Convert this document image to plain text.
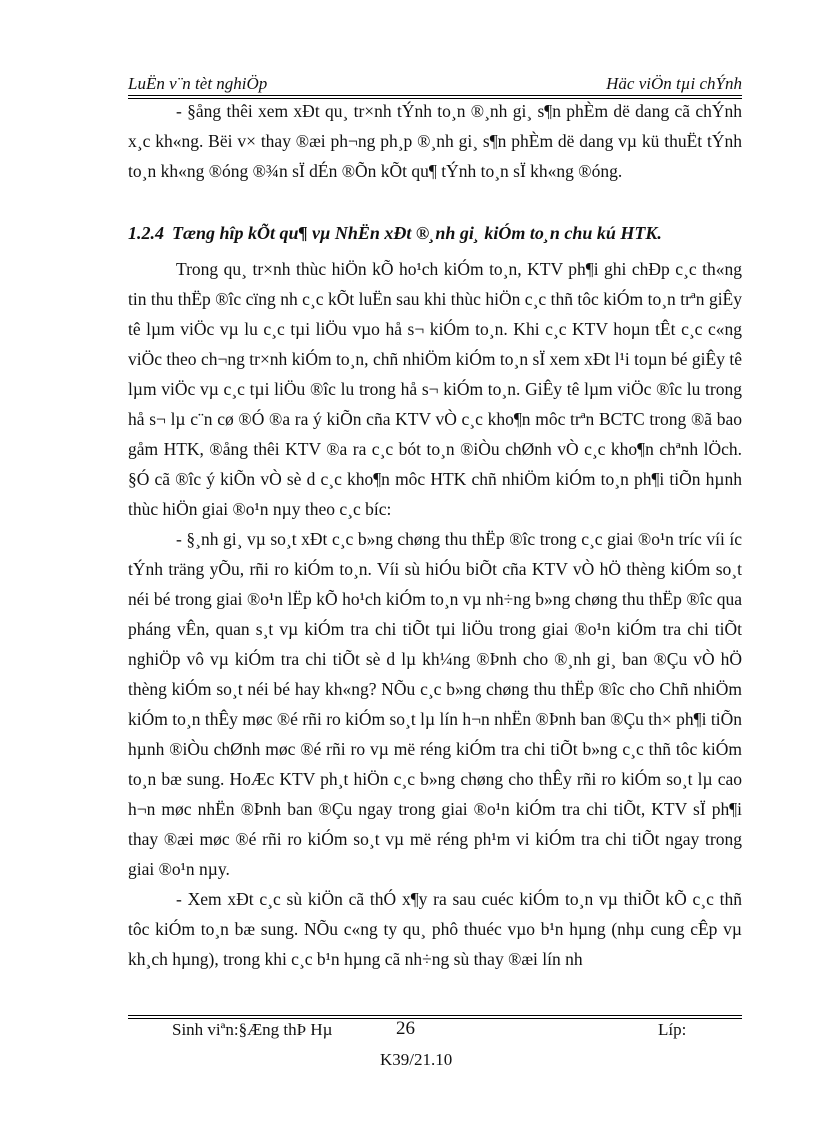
LuËn v¨n tèt nghiÖp	Häc viÖn tµi chÝnh

- §ång thêi xem xÐt qu¸ tr×nh tÝnh to¸n ®¸nh gi¸ s¶n phÈm dë dang cã chÝnh x¸c kh«ng. Bëi v× thay ®æi ph¬ng ph¸p ®¸nh gi¸ s¶n phÈm dë dang vµ kü thuËt tÝnh to¸n kh«ng ®óng ®¾n sÏ dÉn ®Õn kÕt qu¶ tÝnh to¸n sÏ kh«ng ®óng.

1.2.4 Tæng hîp kÕt qu¶ vµ NhËn xÐt ®¸nh gi¸ kiÓm to¸n chu kú HTK.

Trong qu¸ tr×nh thùc hiÖn kÕ ho¹ch kiÓm to¸n, KTV ph¶i ghi chÐp c¸c th«ng tin thu thËp ®îc cïng nh c¸c kÕt luËn sau khi thùc hiÖn c¸c thñ tôc kiÓm to¸n trªn giÊy tê lµm viÖc vµ lu c¸c tµi liÖu vµo hå s¬ kiÓm to¸n. Khi c¸c KTV hoµn tÊt c¸c c«ng viÖc theo ch¬ng tr×nh kiÓm to¸n, chñ nhiÖm kiÓm to¸n sÏ xem xÐt l¹i toµn bé giÊy tê lµm viÖc vµ c¸c tµi liÖu ®îc lu trong hå s¬ kiÓm to¸n. GiÊy tê lµm viÖc ®îc lu trong hå s¬ lµ c¨n cø ®Ó ®a ra ý kiÕn cña KTV vÒ c¸c kho¶n môc trªn BCTC trong ®ã bao gåm HTK, ®ång thêi KTV ®a ra c¸c bót to¸n ®iÒu chØnh vÒ c¸c kho¶n chªnh lÖch. §Ó cã ®îc ý kiÕn vÒ sè d c¸c kho¶n môc HTK chñ nhiÖm kiÓm to¸n ph¶i tiÕn hµnh thùc hiÖn giai ®o¹n nµy theo c¸c bíc:

- §¸nh gi¸ vµ so¸t xÐt c¸c b»ng chøng thu thËp ®îc trong c¸c giai ®o¹n tríc víi íc tÝnh träng yÕu, rñi ro kiÓm to¸n. Víi sù hiÓu biÕt cña KTV vÒ hÖ thèng kiÓm so¸t néi bé trong giai ®o¹n lËp kÕ ho¹ch kiÓm to¸n vµ nh÷ng b»ng chøng thu thËp ®îc qua pháng vÊn, quan s¸t vµ kiÓm tra chi tiÕt tµi liÖu trong giai ®o¹n kiÓm tra chi tiÕt nghiÖp vô vµ kiÓm tra chi tiÕt sè d lµ kh¼ng ®Þnh cho ®¸nh gi¸ ban ®Çu vÒ hÖ thèng kiÓm so¸t néi bé hay kh«ng? NÕu c¸c b»ng chøng thu thËp ®îc cho Chñ nhiÖm kiÓm to¸n thÊy møc ®é rñi ro kiÓm so¸t lµ lín h¬n nhËn ®Þnh ban ®Çu th× ph¶i tiÕn hµnh ®iÒu chØnh møc ®é rñi ro vµ më réng kiÓm tra chi tiÕt b»ng c¸c thñ tôc kiÓm to¸n bæ sung. HoÆc KTV ph¸t hiÖn c¸c b»ng chøng cho thÊy rñi ro kiÓm so¸t lµ cao h¬n møc nhËn ®Þnh ban ®Çu ngay trong giai ®o¹n kiÓm tra chi tiÕt, KTV sÏ ph¶i thay ®æi møc ®é rñi ro kiÓm so¸t vµ më réng ph¹m vi kiÓm tra chi tiÕt ngay trong giai ®o¹n nµy.

- Xem xÐt c¸c sù kiÖn cã thÓ x¶y ra sau cuéc kiÓm to¸n vµ thiÕt kÕ c¸c thñ tôc kiÓm to¸n bæ sung. NÕu c«ng ty qu¸ phô thuéc vµo b¹n hµng (nhµ cung cÊp vµ kh¸ch hµng), trong khi c¸c b¹n hµng cã nh÷ng sù thay ®æi lín nh

Sinh viªn:§Æng thÞ Hµ	26	Líp:
K39/21.10
